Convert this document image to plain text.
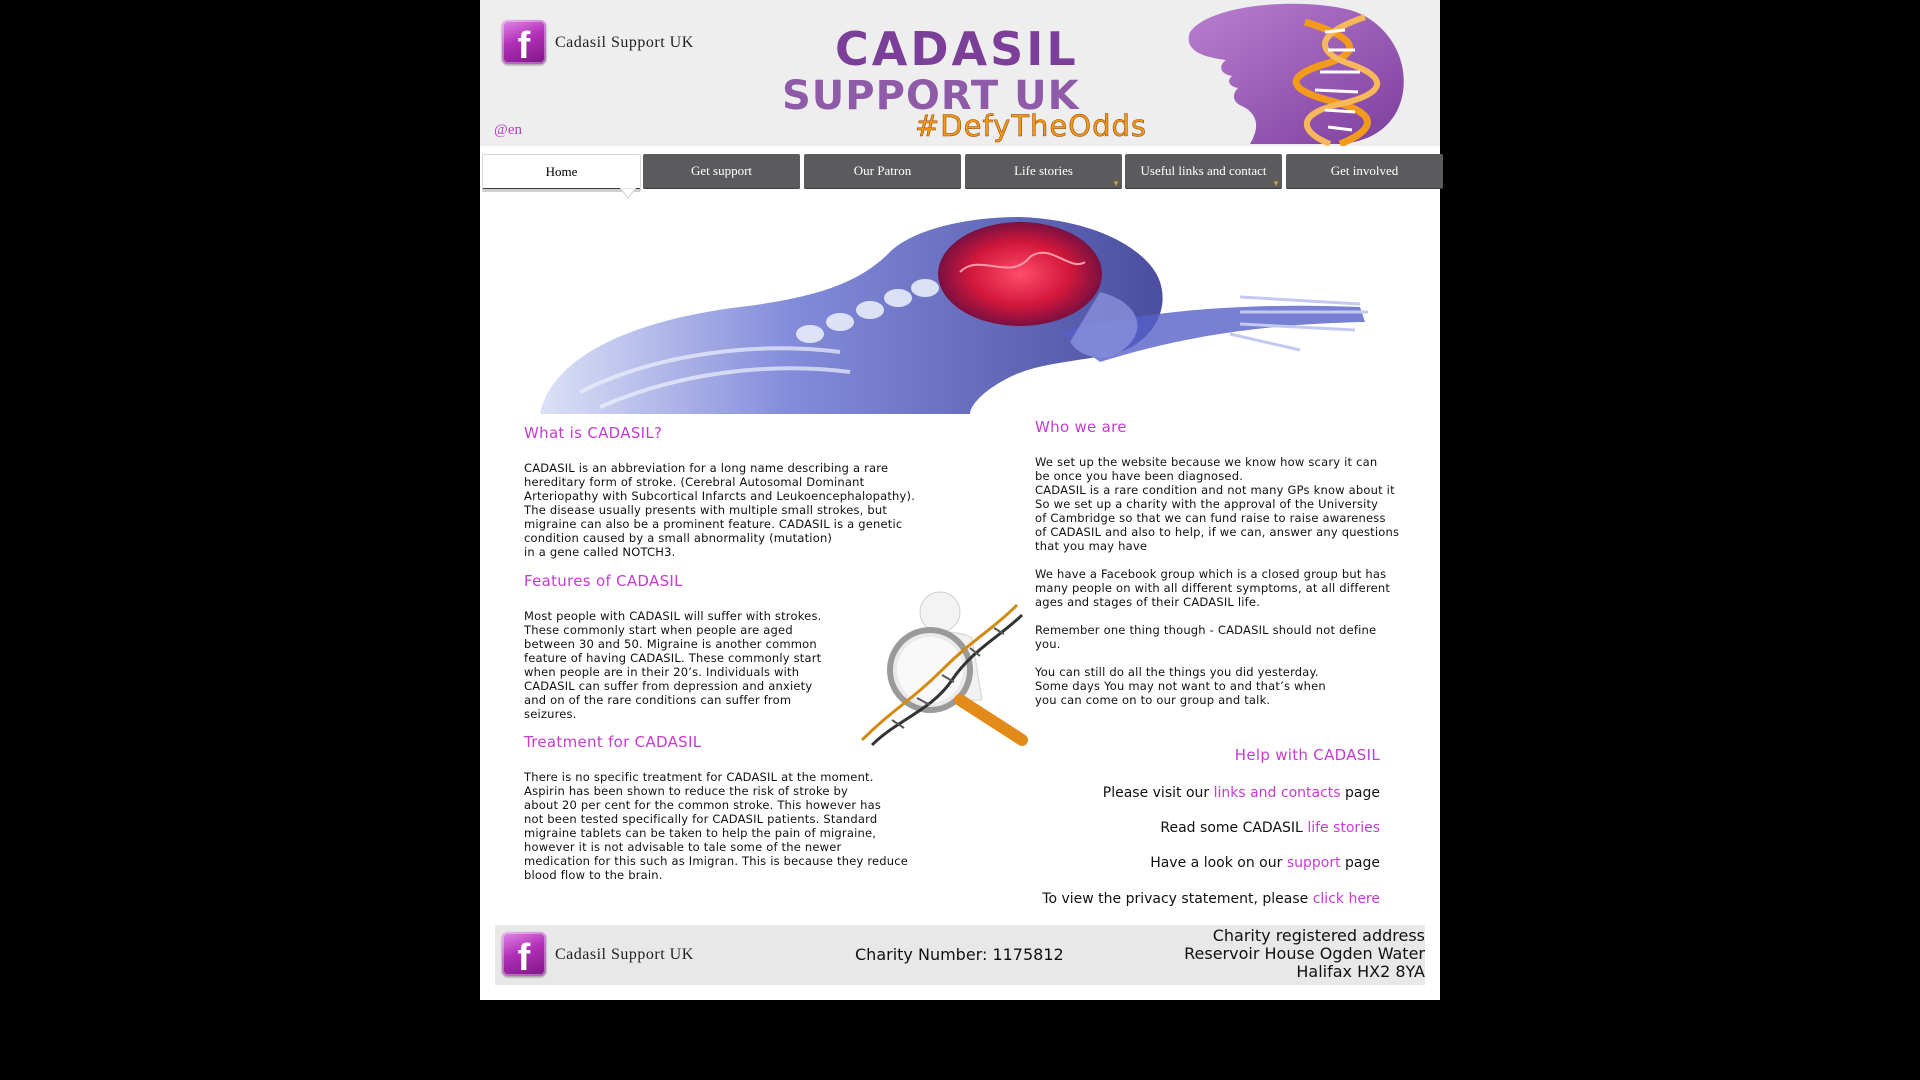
f	Cadasil Support UK
@en
CADASIL
SUPPORT UK
#DefyTheOdds
Home	Get support	Our Patron	Life stories
▼
Useful links and contact
▼
Get involved
What is CADASIL?
CADASIL is an abbreviation for a long name describing a rare
hereditary form of stroke. (Cerebral Autosomal Dominant
Arteriopathy with Subcortical Infarcts and Leukoencephalopathy).
The disease usually presents with multiple small strokes, but
migraine can also be a prominent feature. CADASIL is a genetic
condition caused by a small abnormality (mutation)
in a gene called NOTCH3.
Features of CADASIL
Most people with CADASIL will suffer with strokes.
These commonly start when people are aged
between 30 and 50. Migraine is another common
feature of having CADASIL. These commonly start
when people are in their 20’s. Individuals with
CADASIL can suffer from depression and anxiety
and on of the rare conditions can suffer from
seizures.
Treatment for CADASIL
There is no specific treatment for CADASIL at the moment.
Aspirin has been shown to reduce the risk of stroke by
about 20 per cent for the common stroke. This however has
not been tested specifically for CADASIL patients. Standard
migraine tablets can be taken to help the pain of migraine,
however it is not advisable to tale some of the newer
medication for this such as Imigran. This is because they reduce
blood flow to the brain.
Who we are
We set up the website because we know how scary it can
be once you have been diagnosed.
CADASIL is a rare condition and not many GPs know about it
So we set up a charity with the approval of the University
of Cambridge so that we can fund raise to raise awareness
of CADASIL and also to help, if we can, answer any questions
that you may have
We have a Facebook group which is a closed group but has
many people on with all different symptoms, at all different
ages and stages of their CADASIL life.
Remember one thing though - CADASIL should not define
you.
You can still do all the things you did yesterday.
Some days You may not want to and that’s when
you can come on to our group and talk.
Help with CADASIL
Please visit our links and contacts page
Read some CADASIL life stories
Have a look on our support page
To view the privacy statement, please click here
f	Cadasil Support UK	Charity Number: 1175812
Charity registered address
Reservoir House Ogden Water
Halifax HX2 8YA
